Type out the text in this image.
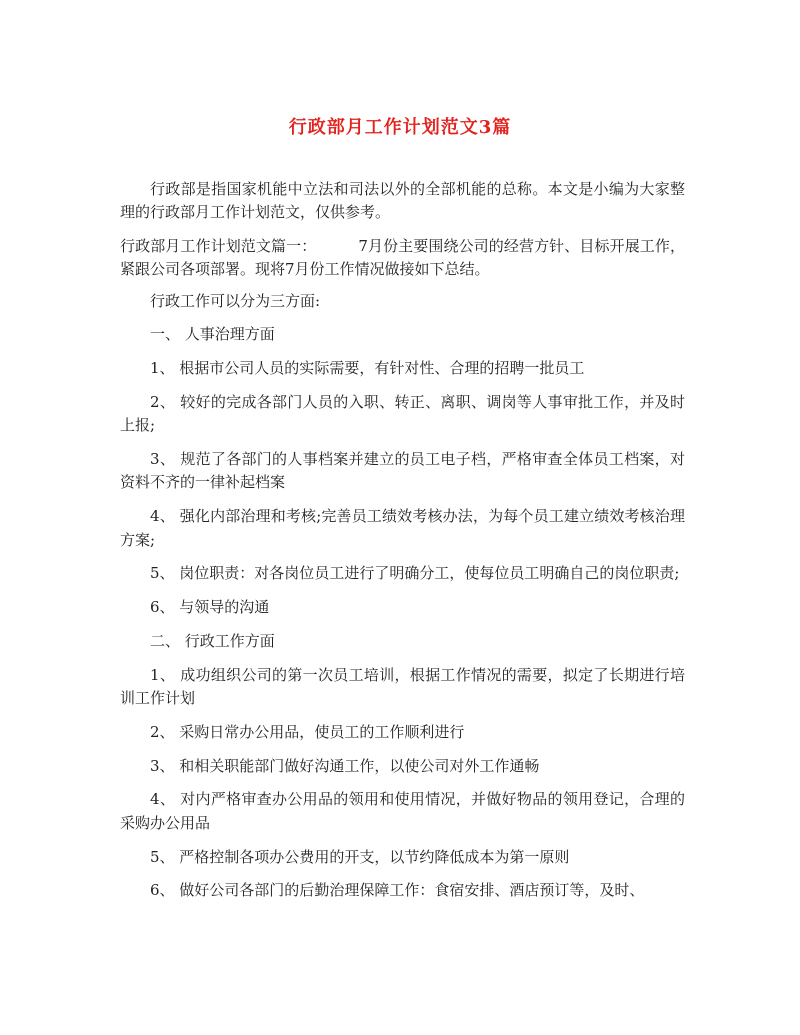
行政部月工作计划范文3篇

行政部是指国家机能中立法和司法以外的全部机能的总称。本文是小编为大家整理的行政部月工作计划范文，仅供参考。

行政部月工作计划范文篇一：	7月份主要围绕公司的经营方针、目标开展工作，紧跟公司各项部署。现将7月份工作情况做接如下总结。

行政工作可以分为三方面:

一、 人事治理方面

1、 根据市公司人员的实际需要，有针对性、合理的招聘一批员工

2、 较好的完成各部门人员的入职、转正、离职、调岗等人事审批工作，并及时上报;

3、 规范了各部门的人事档案并建立的员工电子档，严格审查全体员工档案，对资料不齐的一律补起档案

4、 强化内部治理和考核;完善员工绩效考核办法，为每个员工建立绩效考核治理方案;

5、 岗位职责：对各岗位员工进行了明确分工，使每位员工明确自己的岗位职责;

6、 与领导的沟通

二、 行政工作方面

1、 成功组织公司的第一次员工培训，根据工作情况的需要，拟定了长期进行培训工作计划

2、 采购日常办公用品，使员工的工作顺利进行

3、 和相关职能部门做好沟通工作，以使公司对外工作通畅

4、 对内严格审查办公用品的领用和使用情况，并做好物品的领用登记，合理的采购办公用品

5、 严格控制各项办公费用的开支，以节约降低成本为第一原则

6、 做好公司各部门的后勤治理保障工作：食宿安排、酒店预订等，及时、
